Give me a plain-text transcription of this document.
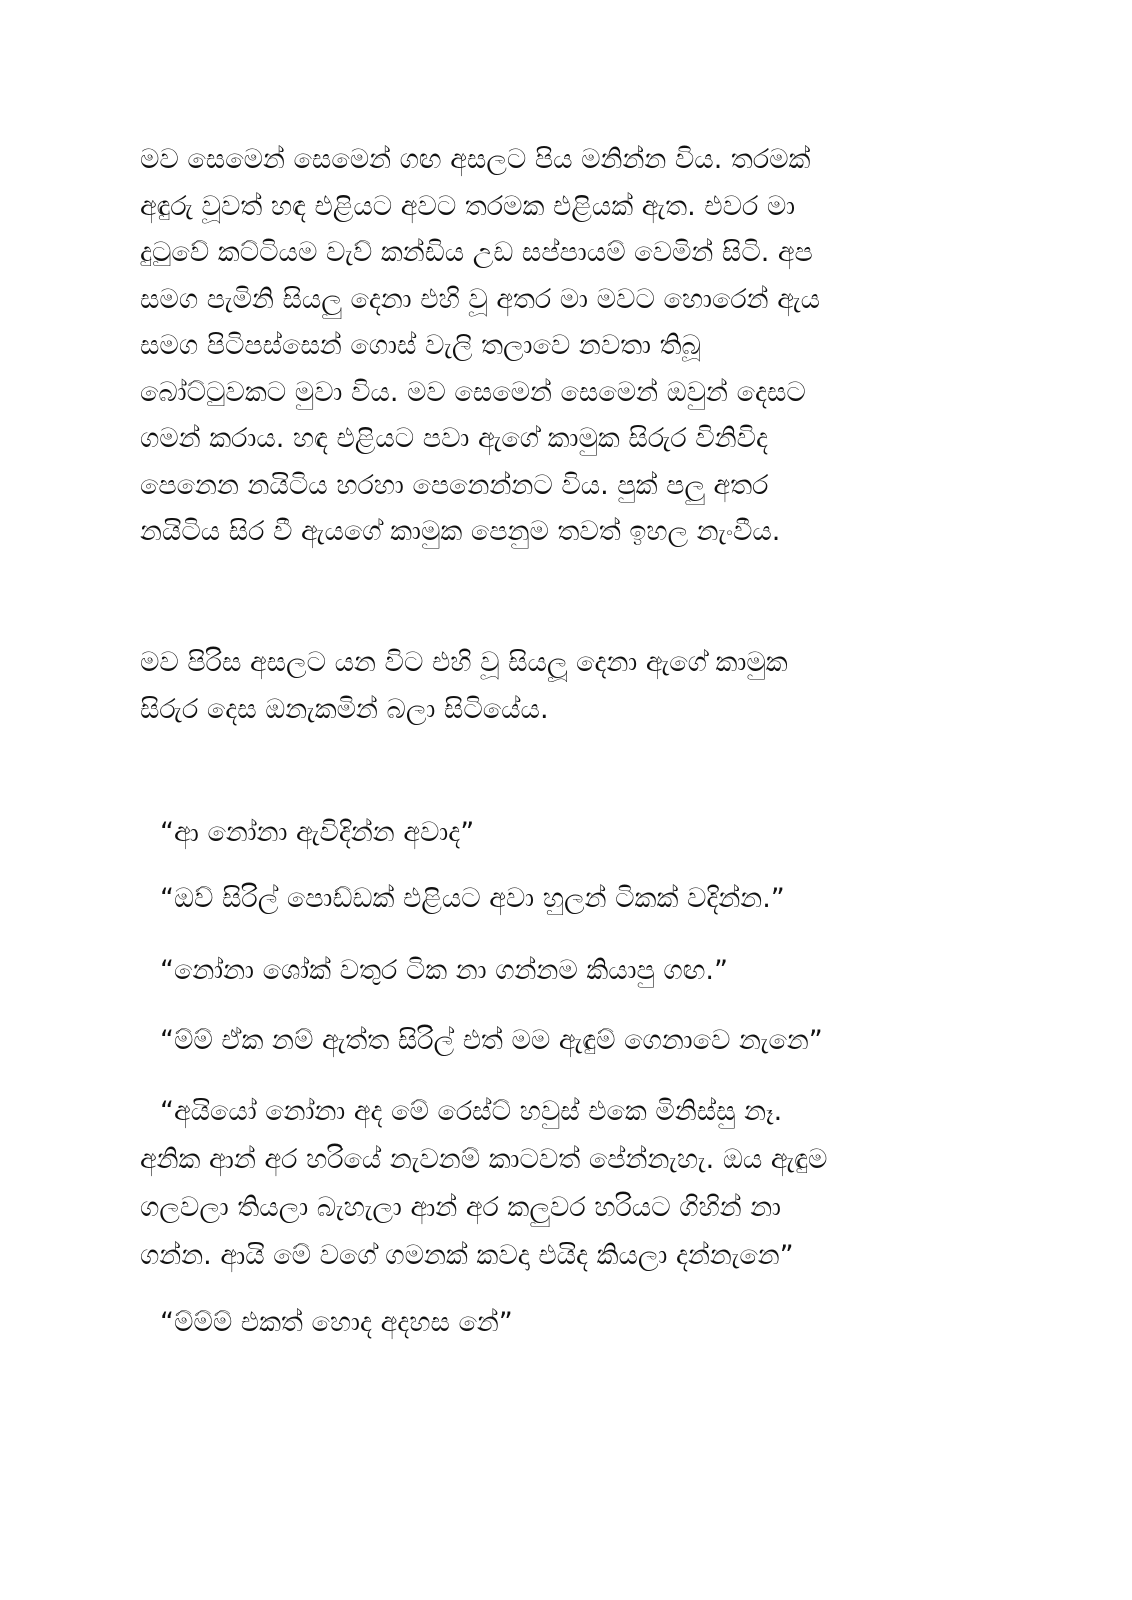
මව සෙමෙන් සෙමෙන් ගඟ අසලට පිය මනින්න විය. තරමක්
අඳුරු වූවත් හඳ එළියට අවට තරමක එළියක් ඇත. එවර මා
දුටුවේ කට්ටියම වැව් කන්ඩිය උඩ සප්පායම් වෙමින් සිටි. අප
සමග පැමිනි සියලු දෙනා එහි වූ අතර මා මවට හොරෙන් ඇය
සමග පිටිපස්සෙන් ගොස් වැලි තලාවෙ නවතා තිබූ
බෝට්ටුවකට මුවා විය. මව සෙමෙන් සෙමෙන් ඔවුන් දෙසට
ගමන් කරාය. හඳ එළියට පවා ඇගේ කාමුක සිරුර විනිවිද
පෙනෙන නයිටිය හරහා පෙනෙන්නට විය. පුක් පලු අතර
නයිටිය සිර වී ඇයගේ කාමුක පෙනුම තවත් ඉහල නැංවීය.

මව පිරිස අසලට යන විට එහි වූ සියලූ දෙනා ඇගේ කාමුක
සිරුර දෙස ඔනැකමින් බලා සිටියේය.

“ආ නෝනා ඇවිදින්න අවාද”

“ඔව් සිරිල් පොඩ්ඩක් එළියට අවා හුලන් ටිකක් වදින්න.”

“නෝනා ශෝක් වතුර ටික නා ගන්නම කියාපු ගඟ.”

“ම්ම් ඒක නම් ඇත්ත සිරිල් එත් මම ඇඳුම් ගෙනාවෙ නැනෙ”

“අයියෝ නෝනා අද මේ රෙස්ට් හවුස් එකෙ මිනිස්සු නෑ.
අනික ආන් අර හරියේ නැවනම් කාටවත් පේන්නැහැ. ඔය ඇඳුම
ගලවලා තියලා බැහැලා ආන් අර කලුවර හරියට ගිහින් නා
ගන්න. ආයි මේ වගේ ගමනක් කවදා එයිද කියලා දන්නැනෙ”

“ම්ම්ම් එකත් හොද අදහස නේ”
